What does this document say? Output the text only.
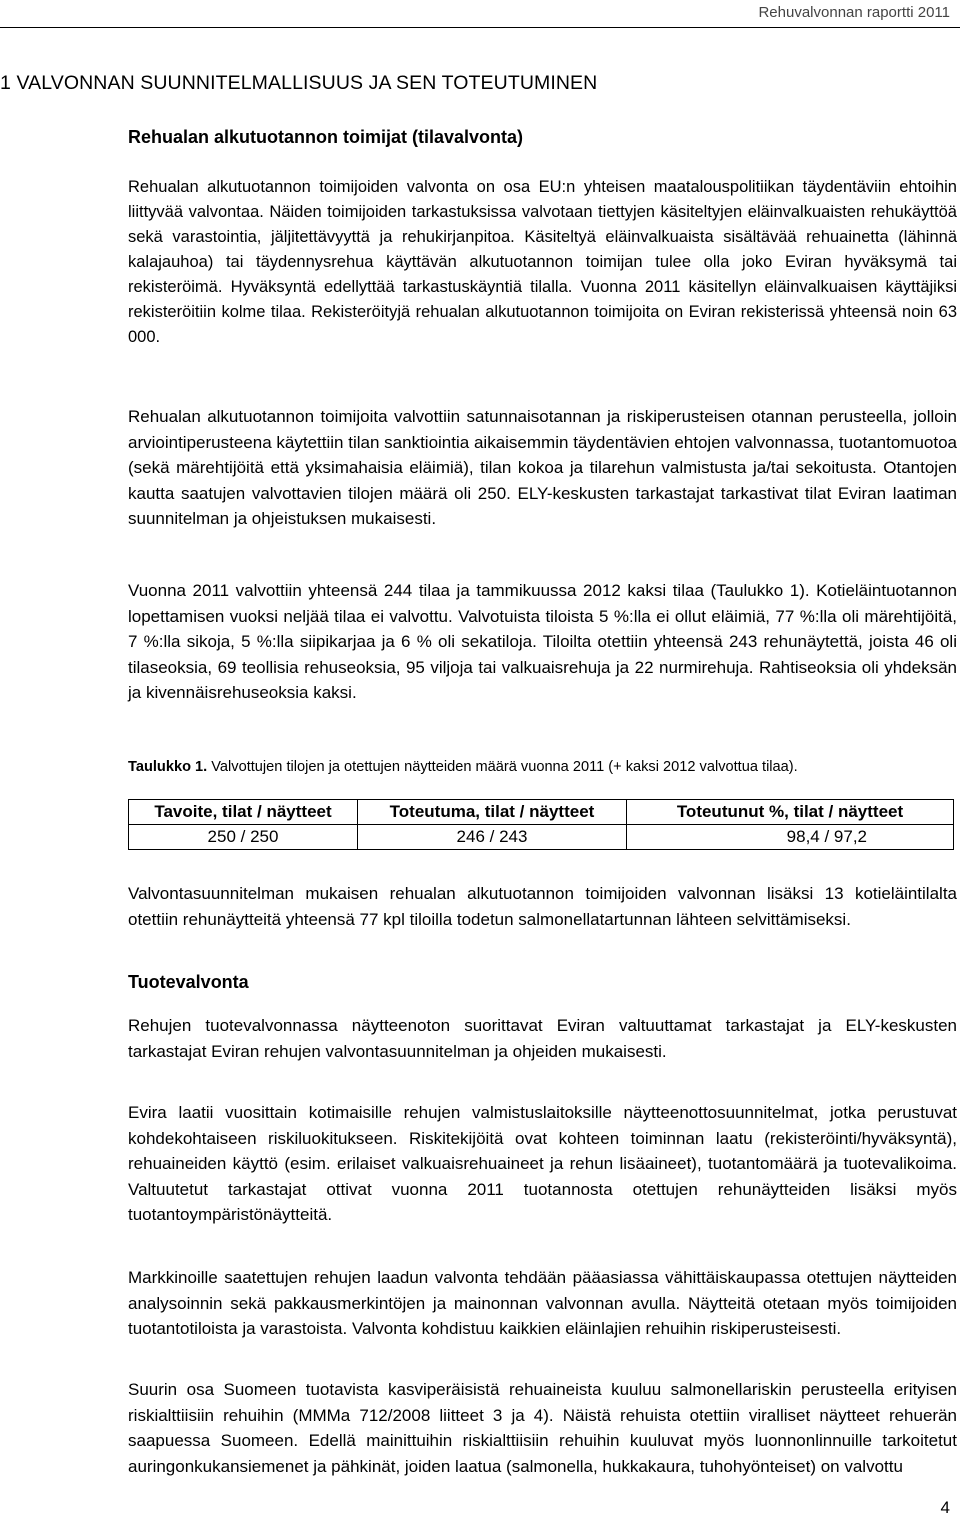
Rehuvalvonnan raportti 2011
1 VALVONNAN SUUNNITELMALLISUUS JA SEN TOTEUTUMINEN
Rehualan alkutuotannon toimijat (tilavalvonta)

Rehualan alkutuotannon toimijoiden valvonta on osa EU:n yhteisen maatalouspolitiikan täydentäviin ehtoihin liittyvää valvontaa. Näiden toimijoiden tarkastuksissa valvotaan tiettyjen käsiteltyjen eläinvalkuaisten rehukäyttöä sekä varastointia, jäljitettävyyttä ja rehukirjanpitoa. Käsiteltyä eläinvalkuaista sisältävää rehuainetta (lähinnä kalajauhoa) tai täydennysrehua käyttävän alkutuotannon toimijan tulee olla joko Eviran hyväksymä tai rekisteröimä. Hyväksyntä edellyttää tarkastuskäyntiä tilalla. Vuonna 2011 käsitellyn eläinvalkuaisen käyttäjiksi rekisteröitiin kolme tilaa. Rekisteröityjä rehualan alkutuotannon toimijoita on Eviran rekisterissä yhteensä noin 63 000.

Rehualan alkutuotannon toimijoita valvottiin satunnaisotannan ja riskiperusteisen otannan perusteella, jolloin arviointiperusteena käytettiin tilan sanktiointia aikaisemmin täydentävien ehtojen valvonnassa, tuotantomuotoa (sekä märehtijöitä että yksimahaisia eläimiä), tilan kokoa ja tilarehun valmistusta ja/tai sekoitusta. Otantojen kautta saatujen valvottavien tilojen määrä oli 250. ELY-keskusten tarkastajat tarkastivat tilat Eviran laatiman suunnitelman ja ohjeistuksen mukaisesti.

Vuonna 2011 valvottiin yhteensä 244 tilaa ja tammikuussa 2012 kaksi tilaa (Taulukko 1). Kotieläintuotannon lopettamisen vuoksi neljää tilaa ei valvottu. Valvotuista tiloista 5 %:lla ei ollut eläimiä, 77 %:lla oli märehtijöitä, 7 %:lla sikoja, 5 %:lla siipikarjaa ja 6 % oli sekatiloja. Tiloilta otettiin yhteensä 243 rehunäytettä, joista 46 oli tilaseoksia, 69 teollisia rehuseoksia, 95 viljoja tai valkuaisrehuja ja 22 nurmirehuja. Rahtiseoksia oli yhdeksän ja kivennäisrehuseoksia kaksi.

Taulukko 1. Valvottujen tilojen ja otettujen näytteiden määrä vuonna 2011 (+ kaksi 2012 valvottua tilaa).

Tavoite, tilat / näytteet	Toteutuma, tilat / näytteet	Toteutunut %, tilat / näytteet
250 / 250	246 / 243	98,4 / 97,2

Valvontasuunnitelman mukaisen rehualan alkutuotannon toimijoiden valvonnan lisäksi 13 kotieläintilalta otettiin rehunäytteitä yhteensä 77 kpl tiloilla todetun salmonellatartunnan lähteen selvittämiseksi.

Tuotevalvonta

Rehujen tuotevalvonnassa näytteenoton suorittavat Eviran valtuuttamat tarkastajat ja ELY-keskusten tarkastajat Eviran rehujen valvontasuunnitelman ja ohjeiden mukaisesti.

Evira laatii vuosittain kotimaisille rehujen valmistuslaitoksille näytteenottosuunnitelmat, jotka perustuvat kohdekohtaiseen riskiluokitukseen. Riskitekijöitä ovat kohteen toiminnan laatu (rekisteröinti/hyväksyntä), rehuaineiden käyttö (esim. erilaiset valkuaisrehuaineet ja rehun lisäaineet), tuotantomäärä ja tuotevalikoima. Valtuutetut tarkastajat ottivat vuonna 2011 tuotannosta otettujen rehunäytteiden lisäksi myös tuotantoympäristönäytteitä.

Markkinoille saatettujen rehujen laadun valvonta tehdään pääasiassa vähittäiskaupassa otettujen näytteiden analysoinnin sekä pakkausmerkintöjen ja mainonnan valvonnan avulla. Näytteitä otetaan myös toimijoiden tuotantotiloista ja varastoista. Valvonta kohdistuu kaikkien eläinlajien rehuihin riskiperusteisesti.

Suurin osa Suomeen tuotavista kasviperäisistä rehuaineista kuuluu salmonellariskin perusteella erityisen riskialttiisiin rehuihin (MMMa 712/2008 liitteet 3 ja 4). Näistä rehuista otettiin viralliset näytteet rehuerän saapuessa Suomeen. Edellä mainittuihin riskialttiisiin rehuihin kuuluvat myös luonnonlinnuille tarkoitetut auringonkukansiemenet ja pähkinät, joiden laatua (salmonella, hukkakaura, tuhohyönteiset) on valvottu

4
